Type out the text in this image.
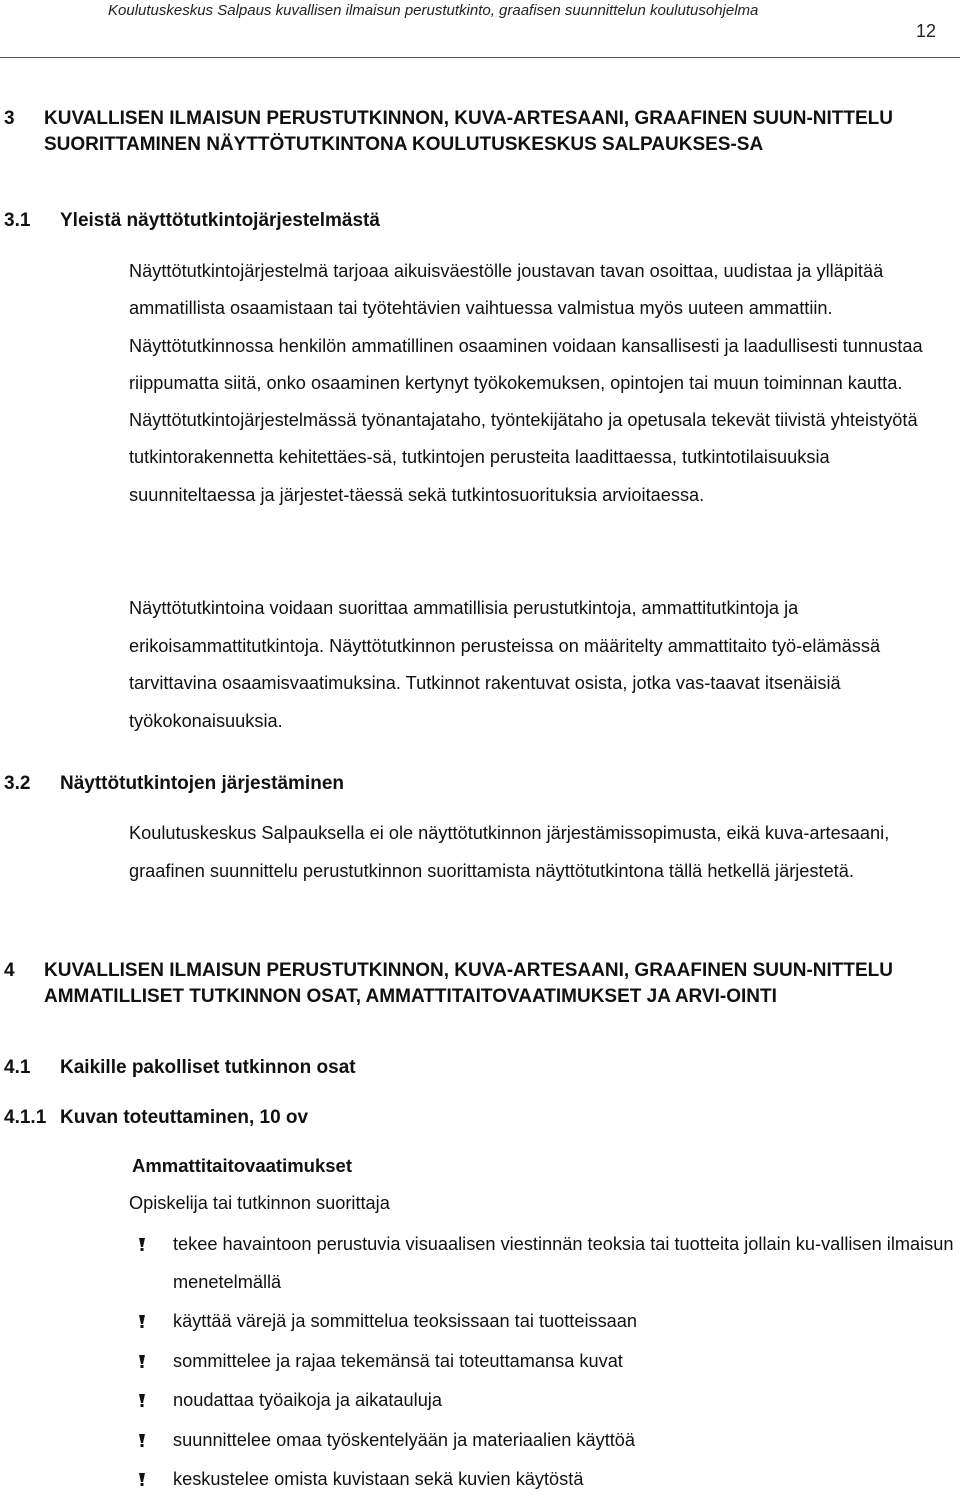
Koulutuskeskus Salpaus kuvallisen ilmaisun perustutkinto, graafisen suunnittelun koulutusohjelma
12
3	KUVALLISEN ILMAISUN PERUSTUTKINNON, KUVA-ARTESAANI, GRAAFINEN SUUN-NITTELU SUORITTAMINEN NÄYTTÖTUTKINTONA KOULUTUSKESKUS SALPAUKSES-SA
3.1 Yleistä näyttötutkintojärjestelmästä

Näyttötutkintojärjestelmä tarjoaa aikuisväestölle joustavan tavan osoittaa, uudistaa ja ylläpitää ammatillista osaamistaan tai työtehtävien vaihtuessa valmistua myös uuteen ammattiin. Näyttötutkinnossa henkilön ammatillinen osaaminen voidaan kansallisesti ja laadullisesti tunnustaa riippumatta siitä, onko osaaminen kertynyt työkokemuksen, opintojen tai muun toiminnan kautta. Näyttötutkintojärjestelmässä työnantajataho, työntekijätaho ja opetusala tekevät tiivistä yhteistyötä tutkintorakennetta kehitettäes-sä, tutkintojen perusteita laadittaessa, tutkintotilaisuuksia suunniteltaessa ja järjestet-täessä sekä tutkintosuorituksia arvioitaessa.

Näyttötutkintoina voidaan suorittaa ammatillisia perustutkintoja, ammattitutkintoja ja erikoisammattitutkintoja. Näyttötutkinnon perusteissa on määritelty ammattitaito työ-elämässä tarvittavina osaamisvaatimuksina. Tutkinnot rakentuvat osista, jotka vas-taavat itsenäisiä työkokonaisuuksia.

3.2 Näyttötutkintojen järjestäminen

Koulutuskeskus Salpauksella ei ole näyttötutkinnon järjestämissopimusta, eikä kuva-artesaani, graafinen suunnittelu perustutkinnon suorittamista näyttötutkintona tällä hetkellä järjestetä.

4	KUVALLISEN ILMAISUN PERUSTUTKINNON, KUVA-ARTESAANI, GRAAFINEN SUUN-NITTELU AMMATILLISET TUTKINNON OSAT, AMMATTITAITOVAATIMUKSET JA ARVI-OINTI
4.1 Kaikille pakolliset tutkinnon osat
4.1.1 Kuvan toteuttaminen, 10 ov
Ammattitaitovaatimukset
Opiskelija tai tutkinnon suorittaja
tekee havaintoon perustuvia visuaalisen viestinnän teoksia tai tuotteita jollain ku-vallisen ilmaisun menetelmällä
käyttää värejä ja sommittelua teoksissaan tai tuotteissaan
sommittelee ja rajaa tekemänsä tai toteuttamansa kuvat
noudattaa työaikoja ja aikatauluja
suunnittelee omaa työskentelyään ja materiaalien käyttöä
keskustelee omista kuvistaan sekä kuvien käytöstä
